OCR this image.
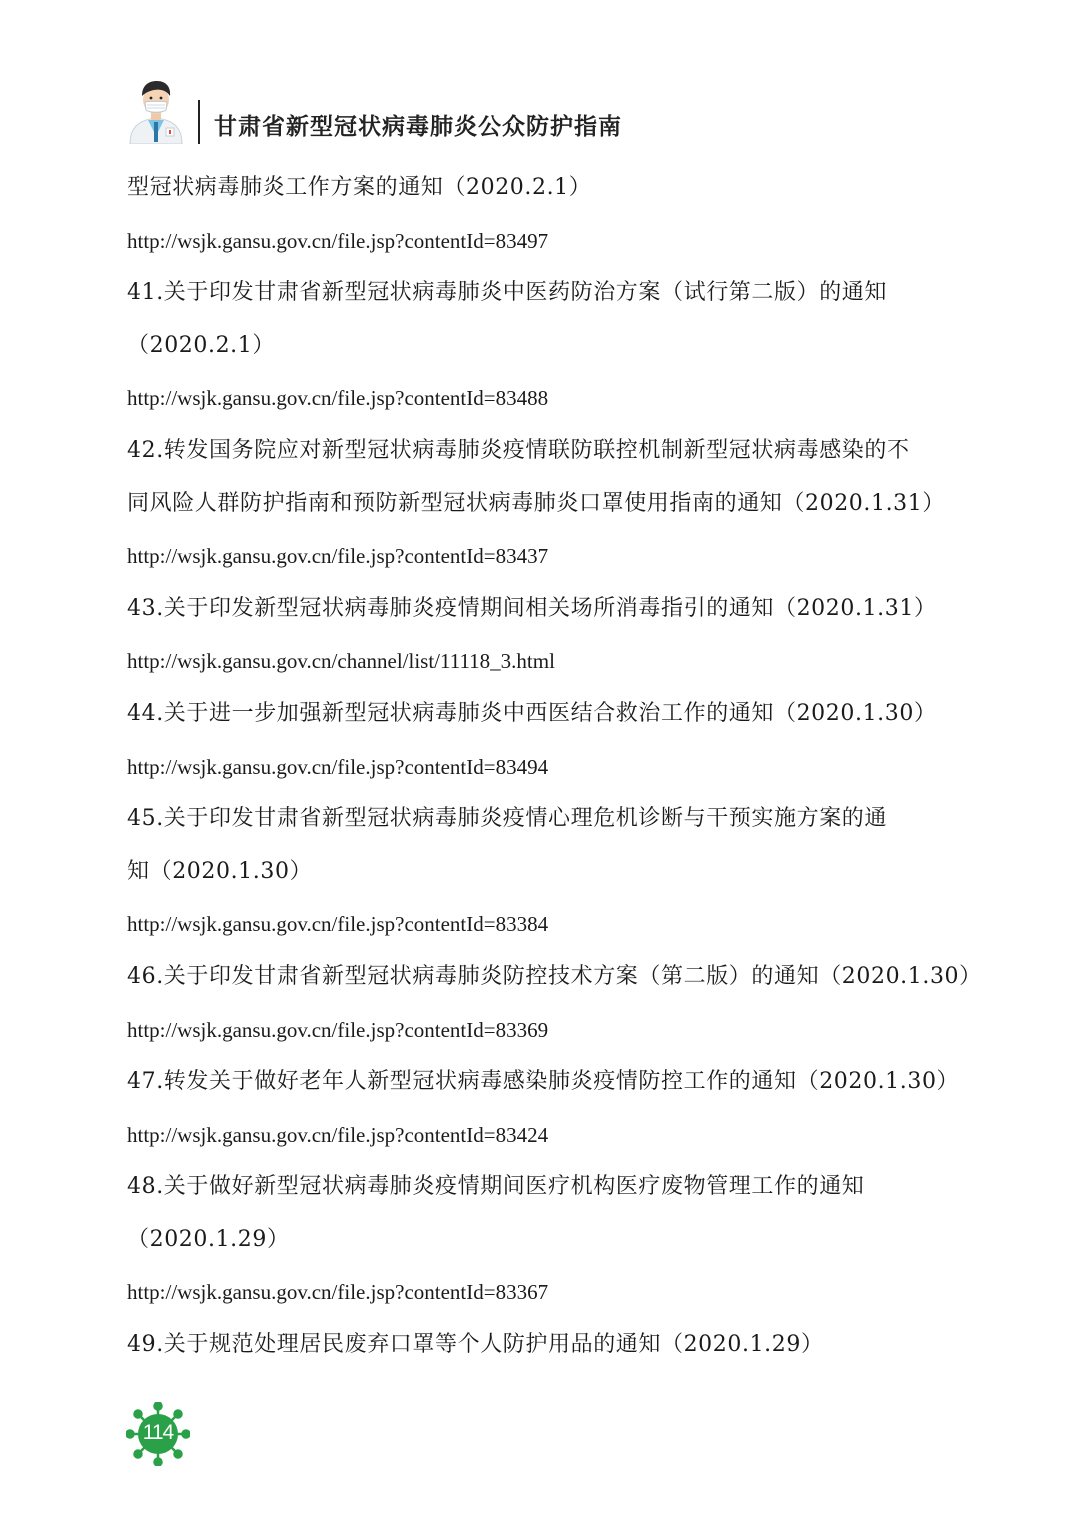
甘肃省新型冠状病毒肺炎公众防护指南
型冠状病毒肺炎工作方案的通知（2020.2.1）
http://wsjk.gansu.gov.cn/file.jsp?contentId=83497
41.关于印发甘肃省新型冠状病毒肺炎中医药防治方案（试行第二版）的通知
（2020.2.1）
http://wsjk.gansu.gov.cn/file.jsp?contentId=83488
42.转发国务院应对新型冠状病毒肺炎疫情联防联控机制新型冠状病毒感染的不
同风险人群防护指南和预防新型冠状病毒肺炎口罩使用指南的通知（2020.1.31）
http://wsjk.gansu.gov.cn/file.jsp?contentId=83437
43.关于印发新型冠状病毒肺炎疫情期间相关场所消毒指引的通知（2020.1.31）
http://wsjk.gansu.gov.cn/channel/list/11118_3.html
44.关于进一步加强新型冠状病毒肺炎中西医结合救治工作的通知（2020.1.30）
http://wsjk.gansu.gov.cn/file.jsp?contentId=83494
45.关于印发甘肃省新型冠状病毒肺炎疫情心理危机诊断与干预实施方案的通
知（2020.1.30）
http://wsjk.gansu.gov.cn/file.jsp?contentId=83384
46.关于印发甘肃省新型冠状病毒肺炎防控技术方案（第二版）的通知（2020.1.30）
http://wsjk.gansu.gov.cn/file.jsp?contentId=83369
47.转发关于做好老年人新型冠状病毒感染肺炎疫情防控工作的通知（2020.1.30）
http://wsjk.gansu.gov.cn/file.jsp?contentId=83424
48.关于做好新型冠状病毒肺炎疫情期间医疗机构医疗废物管理工作的通知
（2020.1.29）
http://wsjk.gansu.gov.cn/file.jsp?contentId=83367
49.关于规范处理居民废弃口罩等个人防护用品的通知（2020.1.29）
114
